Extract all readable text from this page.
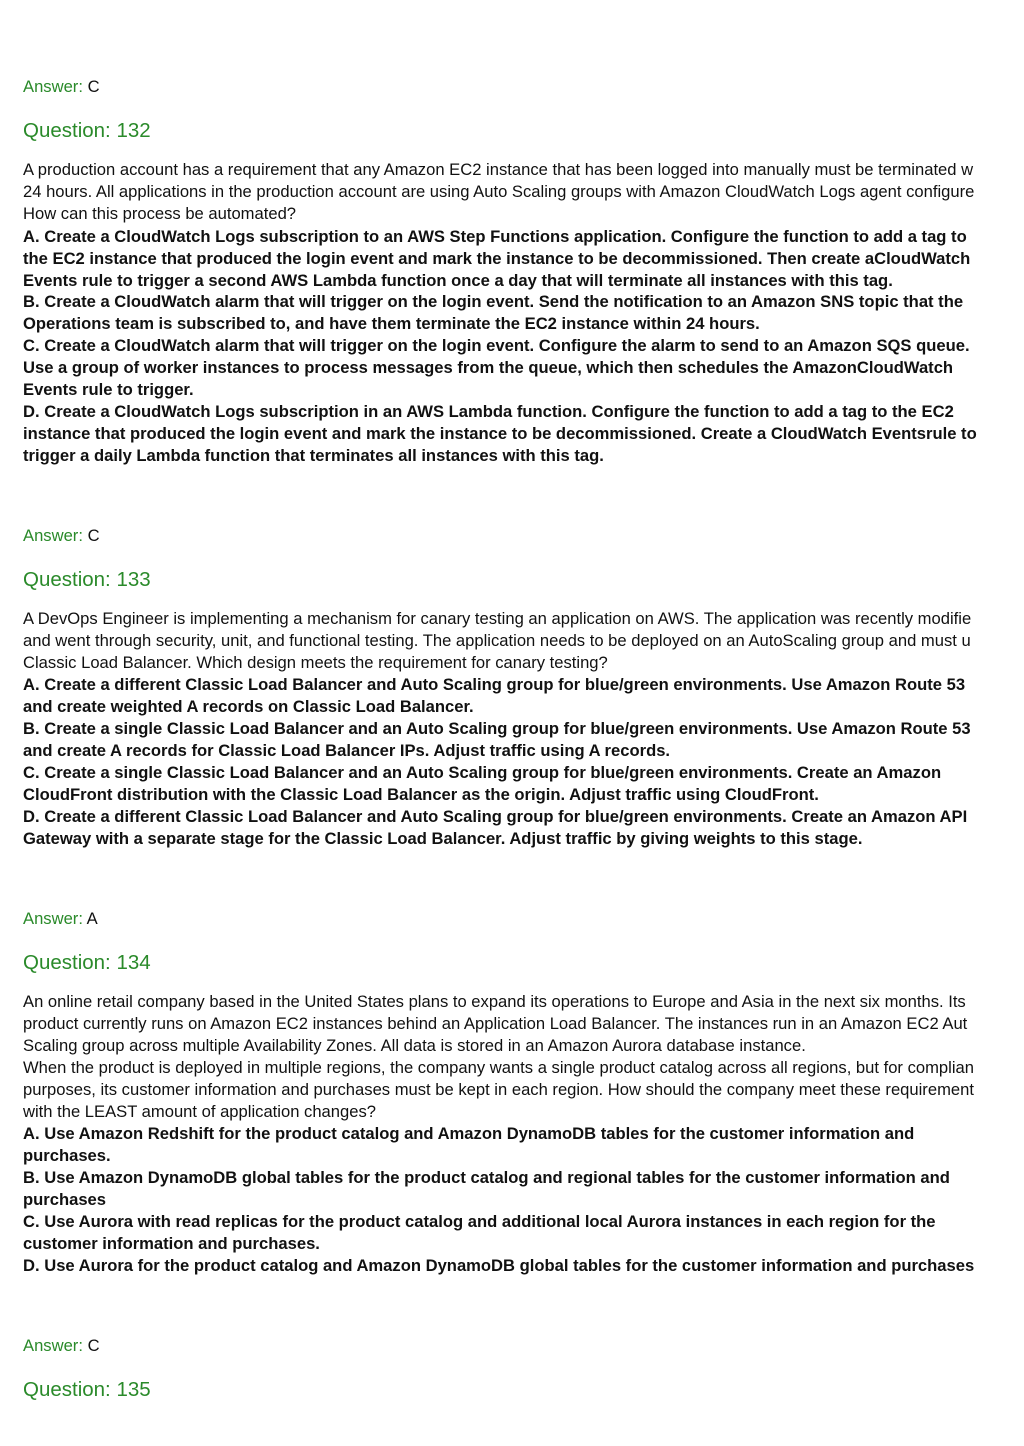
Answer: C
Question: 132
A production account has a requirement that any Amazon EC2 instance that has been logged into manually must be terminated w
24 hours. All applications in the production account are using Auto Scaling groups with Amazon CloudWatch Logs agent configure
How can this process be automated?
A. Create a CloudWatch Logs subscription to an AWS Step Functions application. Configure the function to add a tag to
the EC2 instance that produced the login event and mark the instance to be decommissioned. Then create aCloudWatch
Events rule to trigger a second AWS Lambda function once a day that will terminate all instances with this tag.
B. Create a CloudWatch alarm that will trigger on the login event. Send the notification to an Amazon SNS topic that the
Operations team is subscribed to, and have them terminate the EC2 instance within 24 hours.
C. Create a CloudWatch alarm that will trigger on the login event. Configure the alarm to send to an Amazon SQS queue.
Use a group of worker instances to process messages from the queue, which then schedules the AmazonCloudWatch
Events rule to trigger.
D. Create a CloudWatch Logs subscription in an AWS Lambda function. Configure the function to add a tag to the EC2
instance that produced the login event and mark the instance to be decommissioned. Create a CloudWatch Eventsrule to
trigger a daily Lambda function that terminates all instances with this tag.
Answer: C
Question: 133
A DevOps Engineer is implementing a mechanism for canary testing an application on AWS. The application was recently modifie
and went through security, unit, and functional testing. The application needs to be deployed on an AutoScaling group and must u
Classic Load Balancer. Which design meets the requirement for canary testing?
A. Create a different Classic Load Balancer and Auto Scaling group for blue/green environments. Use Amazon Route 53
and create weighted A records on Classic Load Balancer.
B. Create a single Classic Load Balancer and an Auto Scaling group for blue/green environments. Use Amazon Route 53
and create A records for Classic Load Balancer IPs. Adjust traffic using A records.
C. Create a single Classic Load Balancer and an Auto Scaling group for blue/green environments. Create an Amazon
CloudFront distribution with the Classic Load Balancer as the origin. Adjust traffic using CloudFront.
D. Create a different Classic Load Balancer and Auto Scaling group for blue/green environments. Create an Amazon API
Gateway with a separate stage for the Classic Load Balancer. Adjust traffic by giving weights to this stage.
Answer: A
Question: 134
An online retail company based in the United States plans to expand its operations to Europe and Asia in the next six months. Its
product currently runs on Amazon EC2 instances behind an Application Load Balancer. The instances run in an Amazon EC2 Aut
Scaling group across multiple Availability Zones. All data is stored in an Amazon Aurora database instance.
When the product is deployed in multiple regions, the company wants a single product catalog across all regions, but for complian
purposes, its customer information and purchases must be kept in each region. How should the company meet these requirement
with the LEAST amount of application changes?
A. Use Amazon Redshift for the product catalog and Amazon DynamoDB tables for the customer information and
purchases.
B. Use Amazon DynamoDB global tables for the product catalog and regional tables for the customer information and
purchases
C. Use Aurora with read replicas for the product catalog and additional local Aurora instances in each region for the
customer information and purchases.
D. Use Aurora for the product catalog and Amazon DynamoDB global tables for the customer information and purchases
Answer: C
Question: 135
